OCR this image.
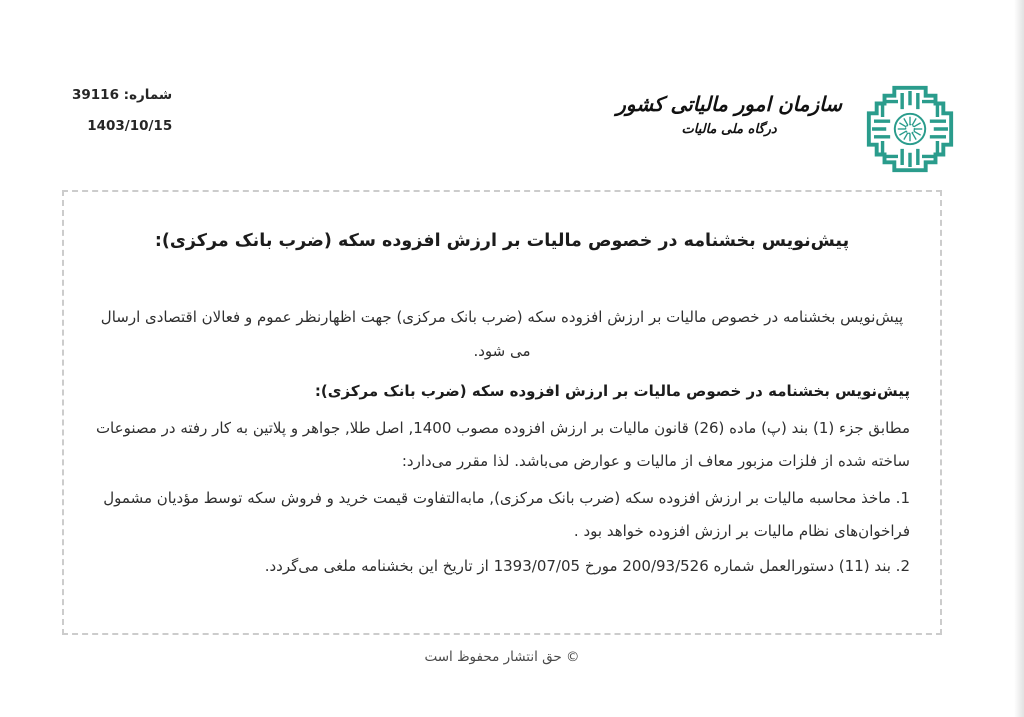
شماره: 39116
1403/10/15
سازمان امور مالیاتی کشور
درگاه ملی مالیات
پیش‌نویس بخشنامه در خصوص مالیات بر ارزش افزوده سکه (ضرب بانک مرکزی):

پیش‌نویس بخشنامه در خصوص مالیات بر ارزش افزوده سکه (ضرب بانک مرکزی) جهت اظهارنظر عموم و فعالان اقتصادی ارسال می شود.

پیش‌نویس بخشنامه در خصوص مالیات بر ارزش افزوده سکه (ضرب بانک مرکزی):

مطابق جزء (1) بند (پ) ماده (26) قانون مالیات بر ارزش افزوده مصوب 1400, اصل طلا, جواهر و پلاتین به کار رفته در مصنوعات ساخته شده از فلزات مزبور معاف از مالیات و عوارض می‌باشد. لذا مقرر می‌دارد:

1. ماخذ محاسبه مالیات بر ارزش افزوده سکه (ضرب بانک مرکزی), مابه‌التفاوت قیمت خرید و فروش سکه توسط مؤدیان مشمول فراخوان‌های نظام مالیات بر ارزش افزوده خواهد بود .

2. بند (11) دستورالعمل شماره 200/93/526 مورخ 1393/07/05 از تاریخ این بخشنامه ملغی می‌گردد.

© حق انتشار محفوظ است
